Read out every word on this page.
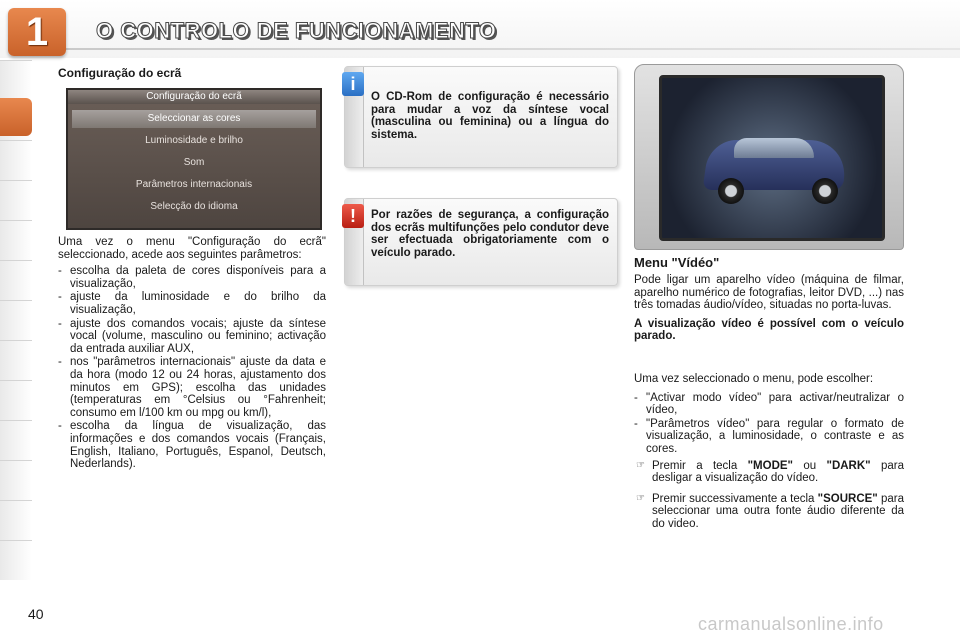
1	O CONTROLO DE FUNCIONAMENTO
Configuração do ecrã
Configuração do ecrã
Seleccionar as cores
Luminosidade e brilho
Som
Parâmetros internacionais
Selecção do idioma

Uma vez o menu "Configuração do ecrã" seleccionado, acede aos seguintes parâmetros:

- escolha da paleta de cores disponíveis para a visualização,
- ajuste da luminosidade e do brilho da visualização,
- ajuste dos comandos vocais; ajuste da síntese vocal (volume, masculino ou feminino; activação da entrada auxiliar AUX,
- nos "parâmetros internacionais" ajuste da data e da hora (modo 12 ou 24 horas, ajustamento dos minutos em GPS); escolha das unidades (temperaturas em °Celsius ou °Fahrenheit; consumo em l/100 km ou mpg ou km/l),
- escolha da língua de visualização, das informações e dos comandos vocais (Français, English, Italiano, Português, Espanol, Deutsch, Nederlands).
O CD-Rom de configuração é necessário para mudar a voz da síntese vocal (masculina ou feminina) ou a língua do sistema.
i
Por razões de segurança, a configuração dos ecrãs multifunções pelo condutor deve ser efectuada obrigatoriamente com o veículo parado.
!
Menu "Vídéo"

Pode ligar um aparelho vídeo (máquina de filmar, aparelho numérico de fotografias, leitor DVD, ...) nas três tomadas áudio/vídeo, situadas no porta-luvas.

A visualização vídeo é possível com o veículo parado.

Uma vez seleccionado o menu, pode escolher:

- "Activar modo vídeo" para activar/neutralizar o vídeo,
- "Parâmetros vídeo" para regular o formato de visualização, a luminosidade, o contraste e as cores.
☞ Premir a tecla "MODE" ou "DARK" para desligar a visualização do vídeo.
☞ Premir successivamente a tecla "SOURCE" para seleccionar uma outra fonte áudio diferente da do video.
40	carmanualsonline.info
